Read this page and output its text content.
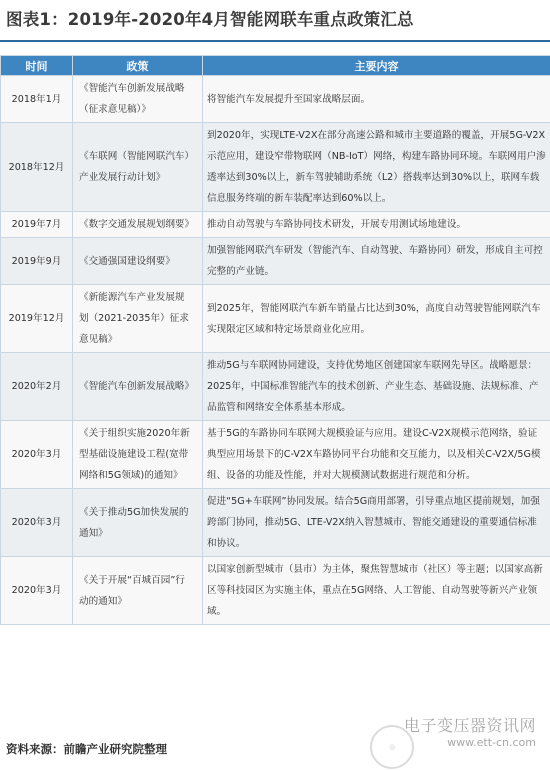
图表1：2019年-2020年4月智能网联车重点政策汇总
时间	政策	主要内容
2018年1月	《智能汽车创新发展战略（征求意见稿）》	将智能汽车发展提升至国家战略层面。
2018年12月	《车联网（智能网联汽车）产业发展行动计划》	到2020年，实现LTE-V2X在部分高速公路和城市主要道路的覆盖，开展5G-V2X示范应用，建设窄带物联网（NB-IoT）网络，构建车路协同环境。车联网用户渗透率达到30%以上，新车驾驶辅助系统（L2）搭载率达到30%以上，联网车载信息服务终端的新车装配率达到60%以上。
2019年7月	《数字交通发展规划纲要》	推动自动驾驶与车路协同技术研发，开展专用测试场地建设。
2019年9月	《交通强国建设纲要》	加强智能网联汽车研发（智能汽车、自动驾驶、车路协同）研发，形成自主可控完整的产业链。
2019年12月	《新能源汽车产业发展规划（2021-2035年）征求意见稿》	到2025年，智能网联汽车新车销量占比达到30%，高度自动驾驶智能网联汽车实现限定区域和特定场景商业化应用。
2020年2月	《智能汽车创新发展战略》	推动5G与车联网协同建设，支持优势地区创建国家车联网先导区。战略愿景：2025年，中国标准智能汽车的技术创新、产业生态、基础设施、法规标准、产品监管和网络安全体系基本形成。
2020年3月	《关于组织实施2020年新型基础设施建设工程(宽带网络和5G领域)的通知》	基于5G的车路协同车联网大规模验证与应用。建设C-V2X规模示范网络，验证典型应用场景下的C-V2X车路协同平台功能和交互能力，以及相关C-V2X/5G模组、设备的功能及性能，并对大规模测试数据进行规范和分析。
2020年3月	《关于推动5G加快发展的通知》	促进“5G+车联网”协同发展。结合5G商用部署，引导重点地区提前规划，加强跨部门协同，推动5G、LTE-V2X纳入智慧城市、智能交通建设的重要通信标准和协议。
2020年3月	《关于开展“百城百园”行动的通知》	以国家创新型城市（县市）为主体，聚焦智慧城市（社区）等主题；以国家高新区等科技园区为实施主体，重点在5G网络、人工智能、自动驾驶等新兴产业领域。
资料来源：前瞻产业研究院整理
电子变压器资讯网
www.ett-cn.com
◎
